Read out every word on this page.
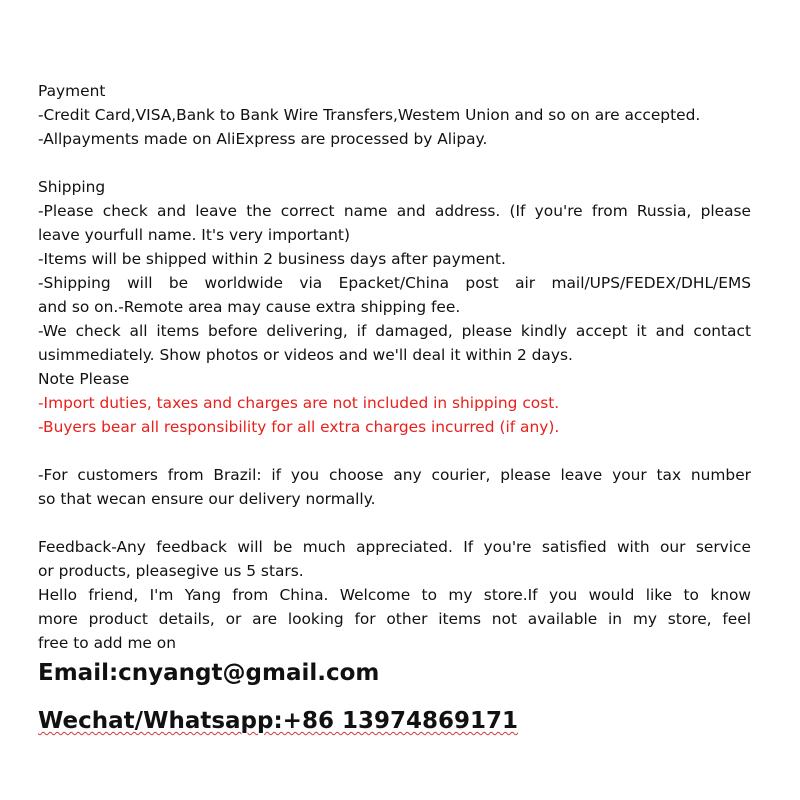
Payment
-Credit Card,VISA,Bank to Bank Wire Transfers,Westem Union and so on are accepted.
-Allpayments made on AliExpress are processed by Alipay.
Shipping
-Please check and leave the correct name and address. (If you're from Russia, please
leave yourfull name. It's very important)
-Items will be shipped within 2 business days after payment.
-Shipping will be worldwide via Epacket/China post air mail/UPS/FEDEX/DHL/EMS
and so on.-Remote area may cause extra shipping fee.
-We check all items before delivering, if damaged, please kindly accept it and contact
usimmediately. Show photos or videos and we'll deal it within 2 days.
Note Please
-Import duties, taxes and charges are not included in shipping cost.
-Buyers bear all responsibility for all extra charges incurred (if any).
-For customers from Brazil: if you choose any courier, please leave your tax number
so that wecan ensure our delivery normally.
Feedback-Any feedback will be much appreciated. If you're satisfied with our service
or products, pleasegive us 5 stars.
Hello friend, I'm Yang from China. Welcome to my store.If you would like to know
more product details, or are looking for other items not available in my store, feel
free to add me on
Email:cnyangt@gmail.com
Wechat/Whatsapp:+86 13974869171
